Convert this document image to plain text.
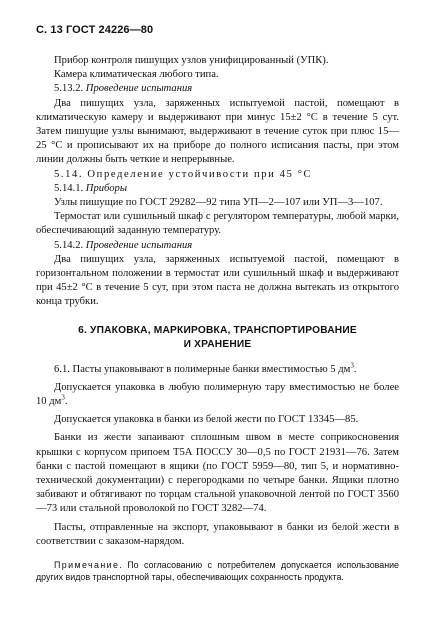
С. 13 ГОСТ 24226—80

Прибор контроля пишущих узлов унифицированный (УПК).

Камера климатическая любого типа.

5.13.2. Проведение испытания

Два пишущих узла, заряженных испытуемой пастой, помещают в климатическую камеру и выдерживают при минус 15±2 °С в течение 5 сут. Затем пишущие узлы вынимают, выдерживают в течение суток при плюс 15—25 °С и прописывают их на приборе до полного исписания пасты, при этом линии должны быть четкие и непрерывные.

5.14. Определение устойчивости при 45 °С

5.14.1. Приборы

Узлы пишущие по ГОСТ 29282—92 типа УП—2—107 или УП—3—107.

Термостат или сушильный шкаф с регулятором температуры, любой марки, обеспечивающий заданную температуру.

5.14.2. Проведение испытания

Два пишущих узла, заряженных испытуемой пастой, помещают в горизонтальном положении в термостат или сушильный шкаф и выдерживают при 45±2 °С в течение 5 сут, при этом паста не должна вытекать из открытого конца трубки.

6. УПАКОВКА, МАРКИРОВКА, ТРАНСПОРТИРОВАНИЕ
И ХРАНЕНИЕ

6.1. Пасты упаковывают в полимерные банки вместимостью 5 $дм^3$.

Допускается упаковка в любую полимерную тару вместимостью не более 10 $дм^3$.

Допускается упаковка в банки из белой жести по ГОСТ 13345—85.

Банки из жести запаивают сплошным швом в месте соприкосновения крышки с корпусом припоем Т5А ПОССУ 30—0,5 по ГОСТ 21931—76. Затем банки с пастой помещают в ящики (по ГОСТ 5959—80, тип 5, и нормативно-технической документации) с перегородками по четыре банки. Ящики плотно забивают и обтягивают по торцам стальной упаковочной лентой по ГОСТ 3560—73 или стальной проволокой по ГОСТ 3282—74.

Пасты, отправленные на экспорт, упаковывают в банки из белой жести в соответствии с заказом-нарядом.

Примечание. По согласованию с потребителем допускается использование других видов транспортной тары, обеспечивающих сохранность продукта.
